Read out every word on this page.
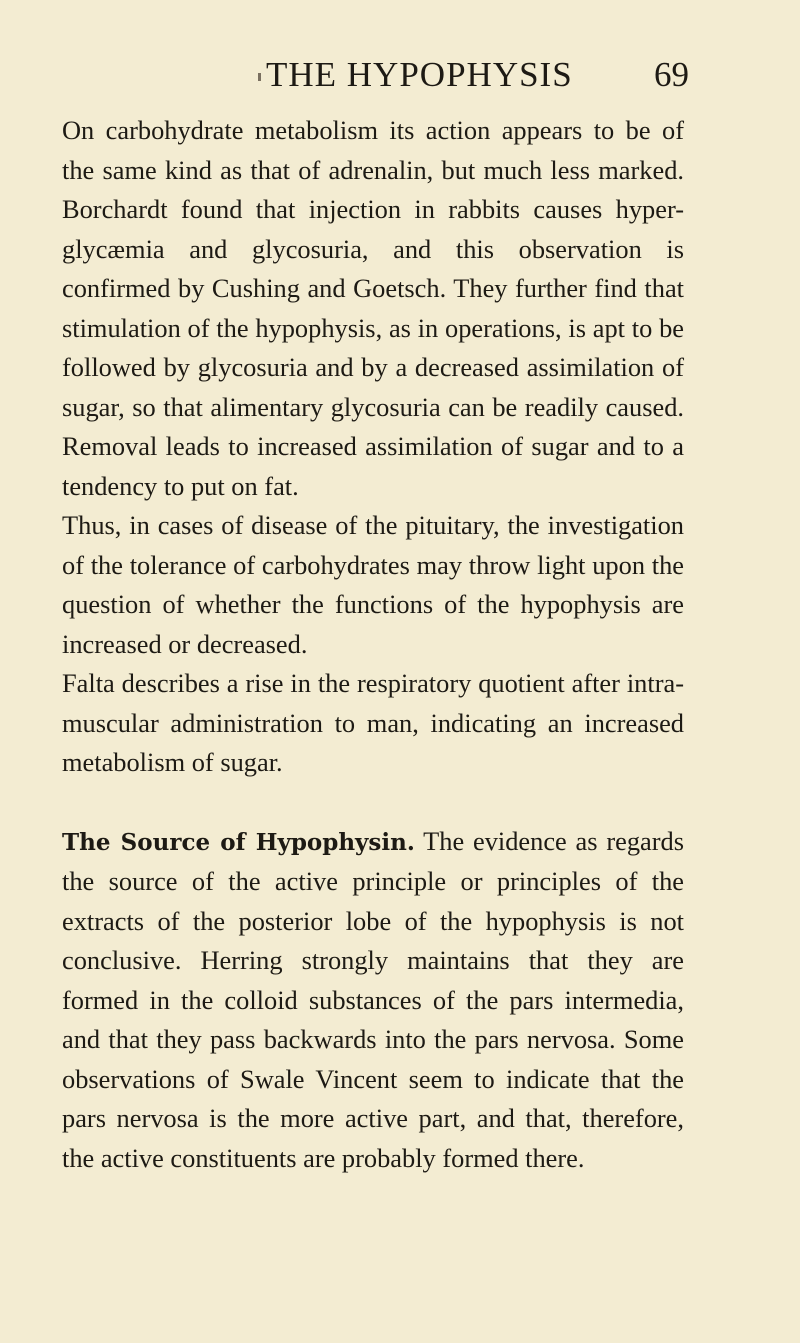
THE HYPOPHYSIS 69

On carbohydrate metabolism its action appears to be of the same kind as that of adrenalin, but much less marked. Borchardt found that injection in rabbits causes hyper-glycæmia and glycosuria, and this observation is confirmed by Cushing and Goetsch. They further find that stimulation of the hypophysis, as in operations, is apt to be followed by glycosuria and by a decreased assimilation of sugar, so that alimentary glycosuria can be readily caused. Removal leads to increased assimilation of sugar and to a tendency to put on fat.

Thus, in cases of disease of the pituitary, the investigation of the tolerance of carbohydrates may throw light upon the question of whether the functions of the hypophysis are increased or decreased.

Falta describes a rise in the respiratory quotient after intra-muscular administration to man, indicating an increased metabolism of sugar.

The Source of Hypophysin. The evidence as regards the source of the active principle or principles of the extracts of the posterior lobe of the hypophysis is not conclusive. Herring strongly maintains that they are formed in the colloid substances of the pars intermedia, and that they pass backwards into the pars nervosa. Some observations of Swale Vincent seem to indicate that the pars nervosa is the more active part, and that, therefore, the active constituents are probably formed there.
